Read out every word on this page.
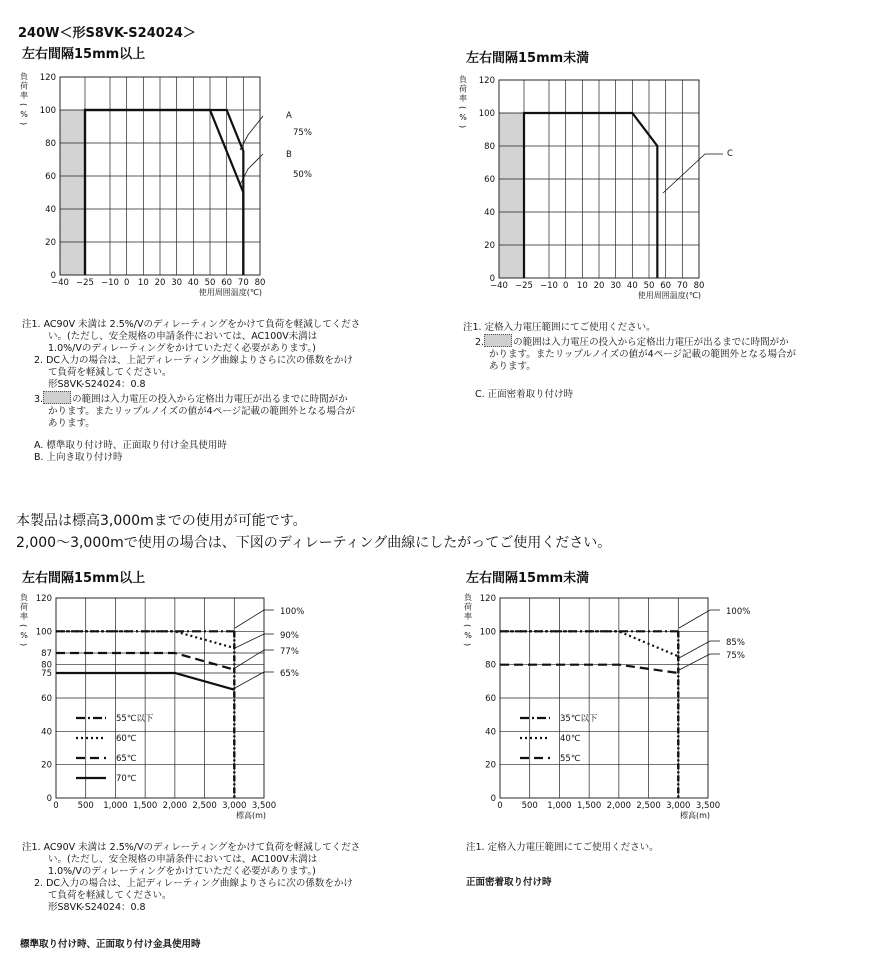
240W＜形S8VK-S24024＞
左右間隔15mm以上	左右間隔15mm未満
−40 −25 −10 0 10 20 30 40 50 60 70 80
0
20
40
60
80
100
120
負
荷
率
(
%
)
使用周囲温度(℃)
A
75%
B
50%
−40 −25 −10 0 10 20 30 40 50 60 70 80
0
20
40
60
80
100
120
負
荷
率
(
%
)
使用周囲温度(℃)
C
注1. AC90V 未満は 2.5%/Vのディレーティングをかけて負荷を軽減してくださ
い。(ただし、安全規格の申請条件においては、AC100V未満は
1.0%/Vのディレーティングをかけていただく必要があります。)
2. DC入力の場合は、上記ディレーティング曲線よりさらに次の係数をかけ
て負荷を軽減してください。
形S8VK-S24024：0.8
3.	の範囲は入力電圧の投入から定格出力電圧が出るまでに時間がか
かります。またリップルノイズの値が4ページ記載の範囲外となる場合が
あります。
A. 標準取り付け時、正面取り付け金具使用時
B. 上向き取り付け時
注1. 定格入力電圧範囲にてご使用ください。
2.	の範囲は入力電圧の投入から定格出力電圧が出るまでに時間がか
かります。またリップルノイズの値が4ページ記載の範囲外となる場合が
あります。
C. 正面密着取り付け時
本製品は標高3,000mまでの使用が可能です。
2,000～3,000mで使用の場合は、下図のディレーティング曲線にしたがってご使用ください。
左右間隔15mm以上	左右間隔15mm未満
0 500 1,000 1,500 2,000 2,500 3,000 3,500
0
20
40
60
75
80
87
100
120
負
荷
率
(
%
)
標高(m)
100%
90%
77%
65%
55℃以下
60℃
65℃
70℃
0 500 1,000 1,500 2,000 2,500 3,000 3,500
0
20
40
60
80
100
120
負
荷
率
(
%
)
標高(m)
100%
85%
75%
35℃以下
40℃
55℃
注1. AC90V 未満は 2.5%/Vのディレーティングをかけて負荷を軽減してくださ
い。(ただし、安全規格の申請条件においては、AC100V未満は
1.0%/Vのディレーティングをかけていただく必要があります。)
2. DC入力の場合は、上記ディレーティング曲線よりさらに次の係数をかけ
て負荷を軽減してください。
形S8VK-S24024：0.8
標準取り付け時、正面取り付け金具使用時
注1. 定格入力電圧範囲にてご使用ください。
正面密着取り付け時
